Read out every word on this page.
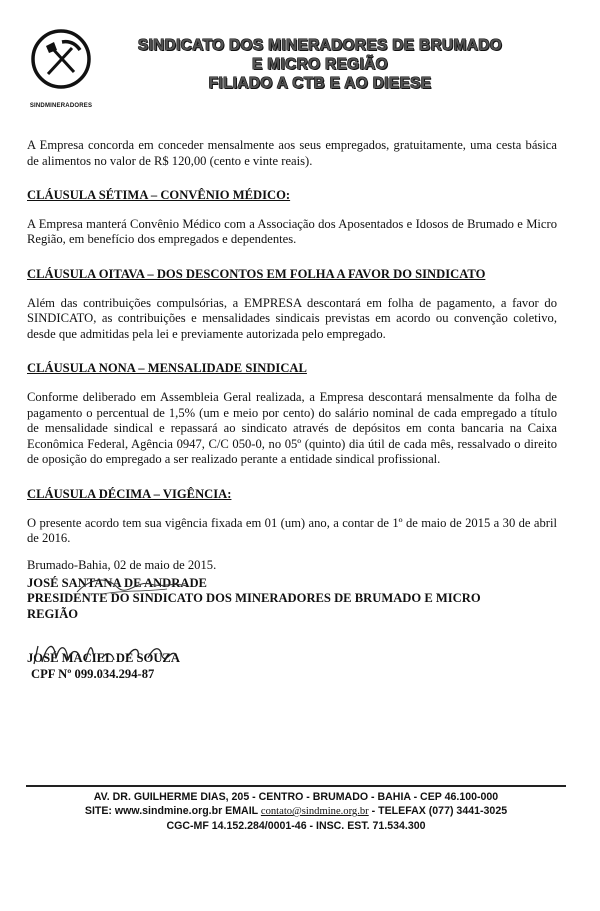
SINDMINERADORES
SINDICATO DOS MINERADORES DE BRUMADO
E MICRO REGIÃO
FILIADO A CTB E AO DIEESE

A Empresa concorda em conceder mensalmente aos seus empregados, gratuitamente, uma cesta básica de alimentos no valor de R$ 120,00 (cento e vinte reais).

CLÁUSULA SÉTIMA – CONVÊNIO MÉDICO:

A Empresa manterá Convênio Médico com a Associação dos Aposentados e Idosos de Brumado e Micro Região, em benefício dos empregados e dependentes.

CLÁUSULA OITAVA – DOS DESCONTOS EM FOLHA A FAVOR DO SINDICATO

Além das contribuições compulsórias, a EMPRESA descontará em folha de pagamento, a favor do SINDICATO, as contribuições e mensalidades sindicais previstas em acordo ou convenção coletivo, desde que admitidas pela lei e previamente autorizada pelo empregado.

CLÁUSULA NONA – MENSALIDADE SINDICAL

Conforme deliberado em Assembleia Geral realizada, a Empresa descontará mensalmente da folha de pagamento o percentual de 1,5% (um e meio por cento) do salário nominal de cada empregado a título de mensalidade sindical e repassará ao sindicato através de depósitos em conta bancaria na Caixa Econômica Federal, Agência 0947, C/C 050-0, no 05º (quinto) dia útil de cada mês, ressalvado o direito de oposição do empregado a ser realizado perante a entidade sindical profissional.

CLÁUSULA DÉCIMA – VIGÊNCIA:

O presente acordo tem sua vigência fixada em 01 (um) ano, a contar de 1º de maio de 2015 a 30 de abril de 2016.

Brumado-Bahia, 02 de maio de 2015.

JOSÉ SANTANA DE ANDRADE

PRESIDENTE DO SINDICATO DOS MINERADORES DE BRUMADO E MICRO REGIÃO

JOSÉ MACIEL DE SOUZA

CPF Nº 099.034.294-87

AV. DR. GUILHERME DIAS, 205 - CENTRO - BRUMADO - BAHIA - CEP 46.100-000
SITE: www.sindmine.org.br EMAIL contato@sindmine.org.br - TELEFAX (077) 3441-3025
CGC-MF 14.152.284/0001-46 - INSC. EST. 71.534.300
